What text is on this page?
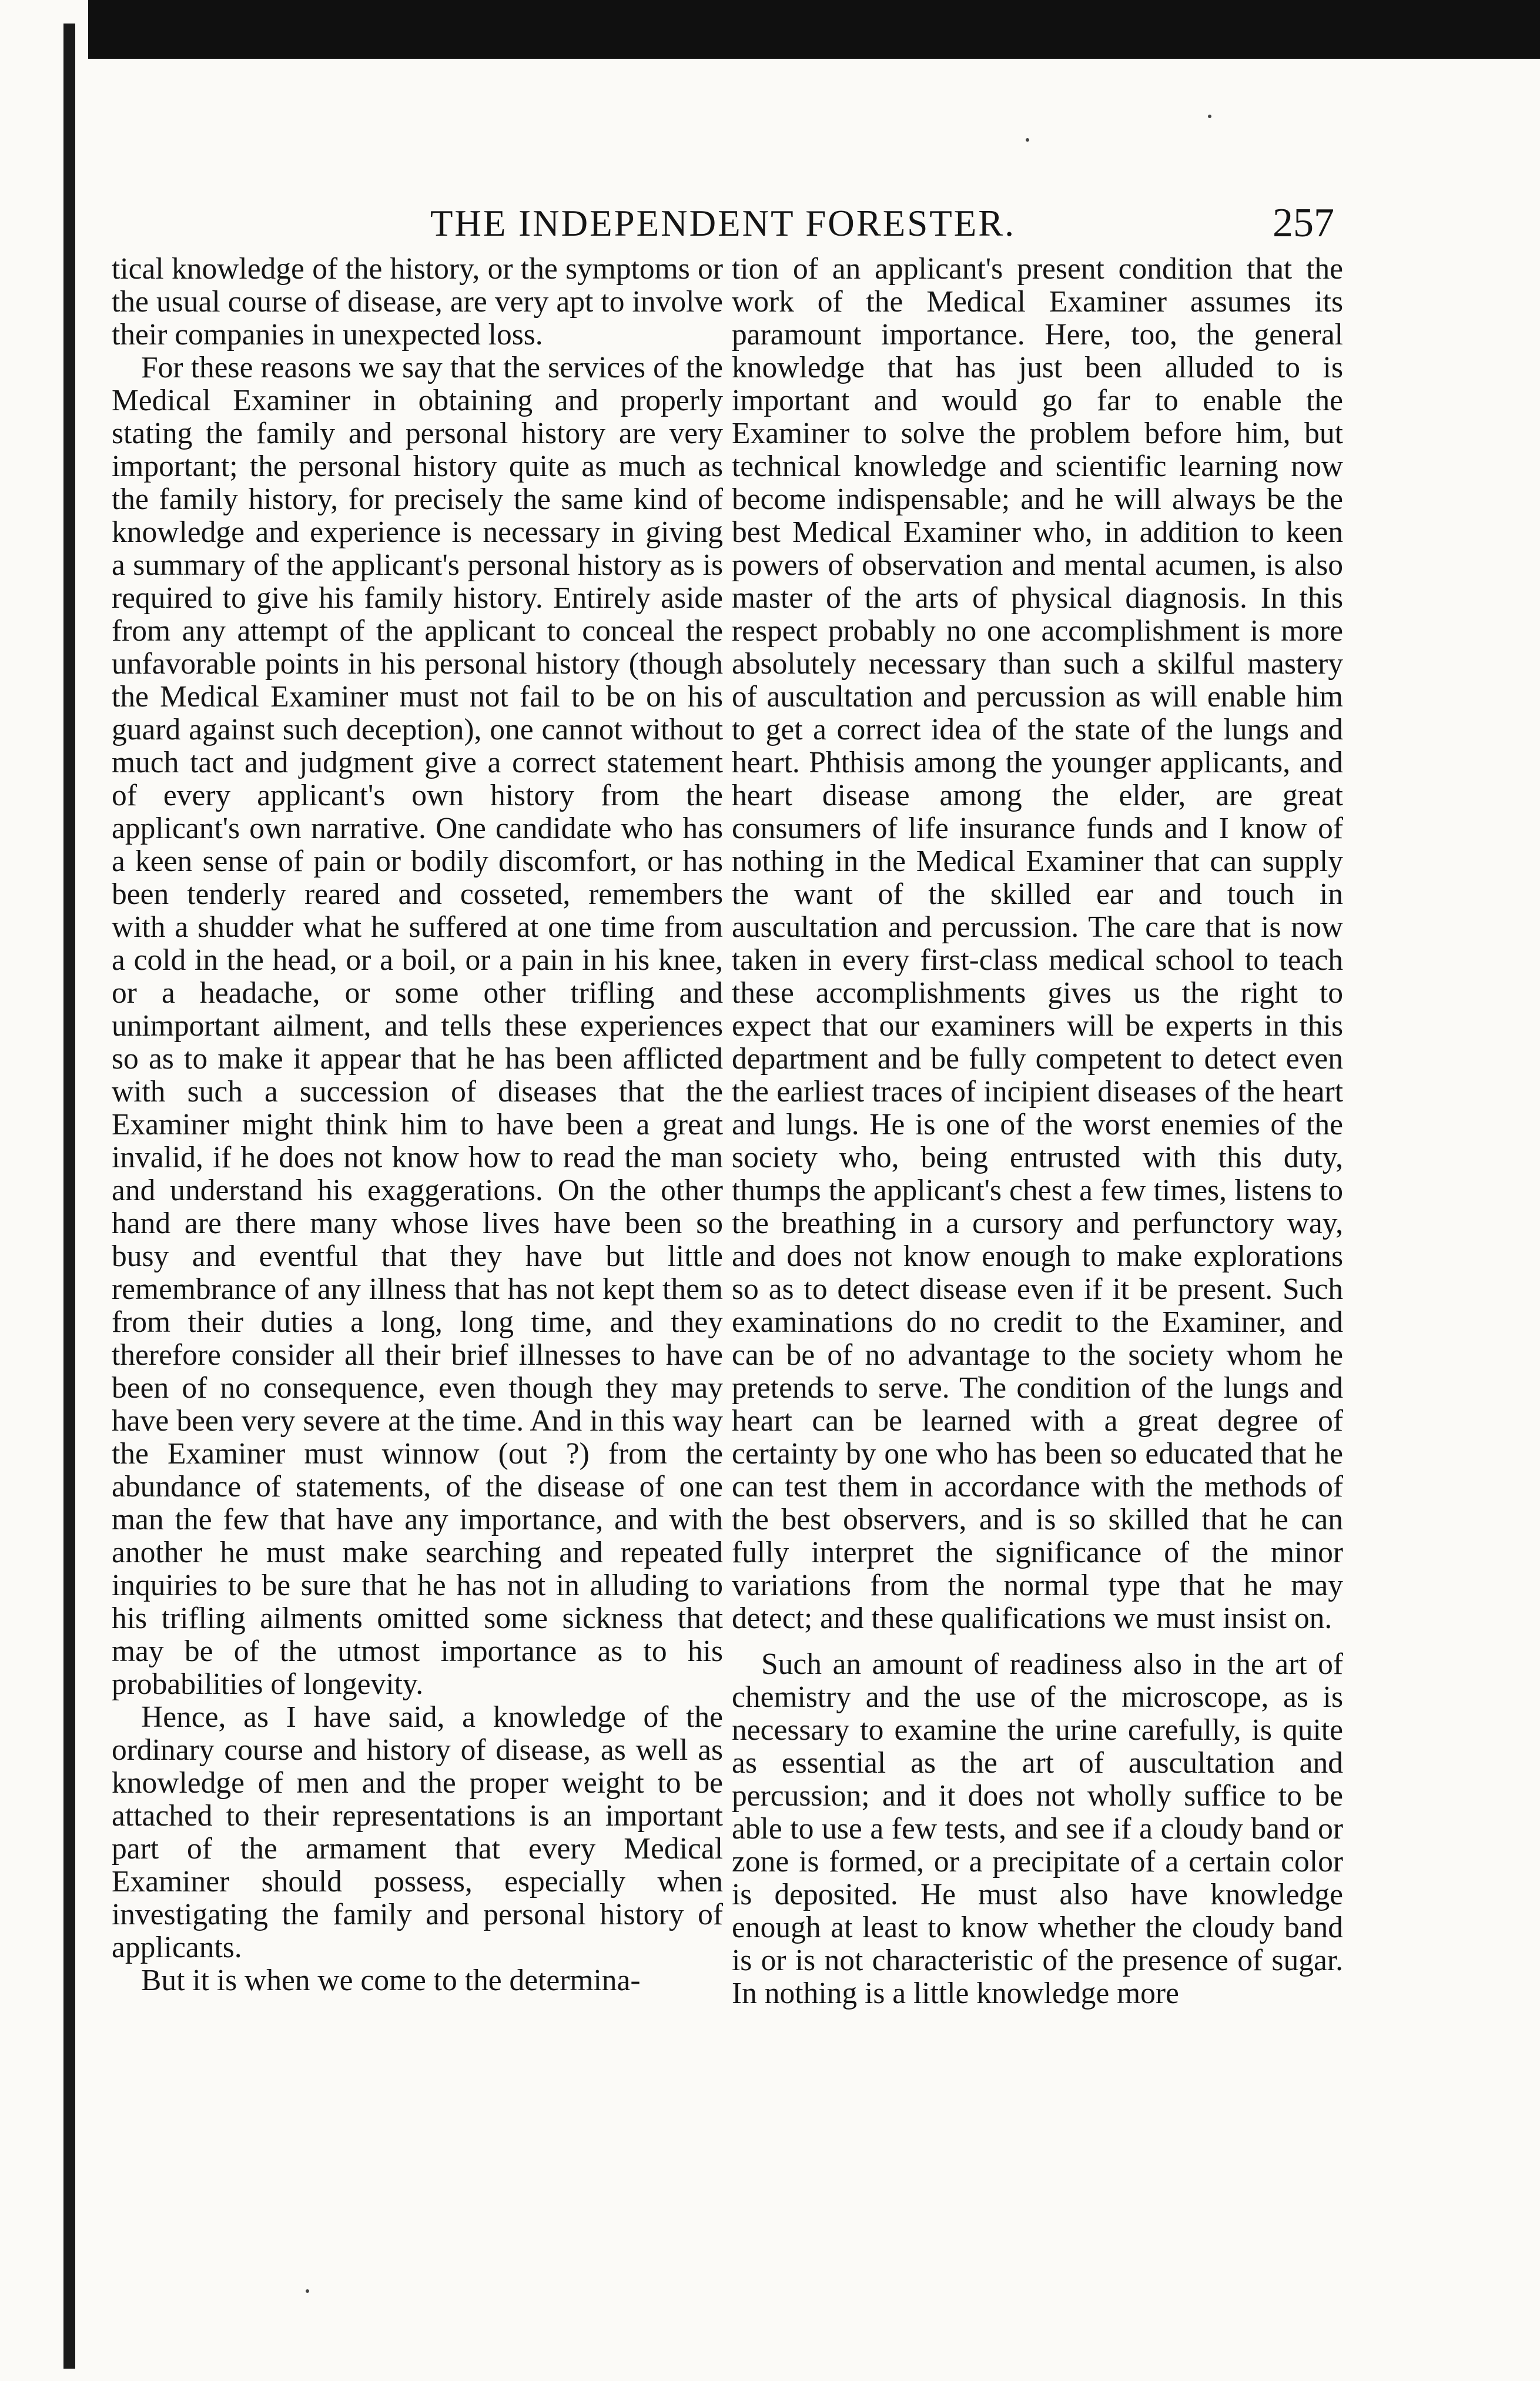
THE INDEPENDENT FORESTER.	257

tical knowledge of the history, or the symptoms or the usual course of disease, are very apt to involve their companies in unexpected loss.

For these reasons we say that the services of the Medical Examiner in obtaining and properly stating the family and personal history are very important; the personal history quite as much as the family history, for precisely the same kind of knowledge and experience is necessary in giving a summary of the applicant's personal history as is required to give his family history. Entirely aside from any attempt of the applicant to conceal the unfavorable points in his personal history (though the Medical Examiner must not fail to be on his guard against such deception), one cannot without much tact and judgment give a correct statement of every applicant's own history from the applicant's own narrative. One candidate who has a keen sense of pain or bodily discomfort, or has been tenderly reared and cosseted, remembers with a shudder what he suffered at one time from a cold in the head, or a boil, or a pain in his knee, or a headache, or some other trifling and unimportant ailment, and tells these experiences so as to make it appear that he has been afflicted with such a succession of diseases that the Examiner might think him to have been a great invalid, if he does not know how to read the man and understand his exaggerations. On the other hand are there many whose lives have been so busy and eventful that they have but little remembrance of any illness that has not kept them from their duties a long, long time, and they therefore consider all their brief illnesses to have been of no consequence, even though they may have been very severe at the time. And in this way the Examiner must winnow (out ?) from the abundance of statements, of the disease of one man the few that have any importance, and with another he must make searching and repeated inquiries to be sure that he has not in alluding to his trifling ailments omitted some sickness that may be of the utmost importance as to his probabilities of longevity.

Hence, as I have said, a knowledge of the ordinary course and history of disease, as well as knowledge of men and the proper weight to be attached to their representations is an important part of the armament that every Medical Examiner should possess, especially when investigating the family and personal history of applicants.

But it is when we come to the determina-

tion of an applicant's present condition that the work of the Medical Examiner assumes its paramount importance. Here, too, the general knowledge that has just been alluded to is important and would go far to enable the Examiner to solve the problem before him, but technical knowledge and scientific learning now become indispensable; and he will always be the best Medical Examiner who, in addition to keen powers of observation and mental acumen, is also master of the arts of physical diagnosis. In this respect probably no one accomplishment is more absolutely necessary than such a skilful mastery of auscultation and percussion as will enable him to get a correct idea of the state of the lungs and heart. Phthisis among the younger applicants, and heart disease among the elder, are great consumers of life insurance funds and I know of nothing in the Medical Examiner that can supply the want of the skilled ear and touch in auscultation and percussion. The care that is now taken in every first-class medical school to teach these accomplishments gives us the right to expect that our examiners will be experts in this department and be fully competent to detect even the earliest traces of incipient diseases of the heart and lungs. He is one of the worst enemies of the society who, being entrusted with this duty, thumps the applicant's chest a few times, listens to the breathing in a cursory and perfunctory way, and does not know enough to make explorations so as to detect disease even if it be present. Such examinations do no credit to the Examiner, and can be of no advantage to the society whom he pretends to serve. The condition of the lungs and heart can be learned with a great degree of certainty by one who has been so educated that he can test them in accordance with the methods of the best observers, and is so skilled that he can fully interpret the significance of the minor variations from the normal type that he may detect; and these qualifications we must insist on.

Such an amount of readiness also in the art of chemistry and the use of the microscope, as is necessary to examine the urine carefully, is quite as essential as the art of auscultation and percussion; and it does not wholly suffice to be able to use a few tests, and see if a cloudy band or zone is formed, or a precipitate of a certain color is deposited. He must also have knowledge enough at least to know whether the cloudy band is or is not characteristic of the presence of sugar. In nothing is a little knowledge more
